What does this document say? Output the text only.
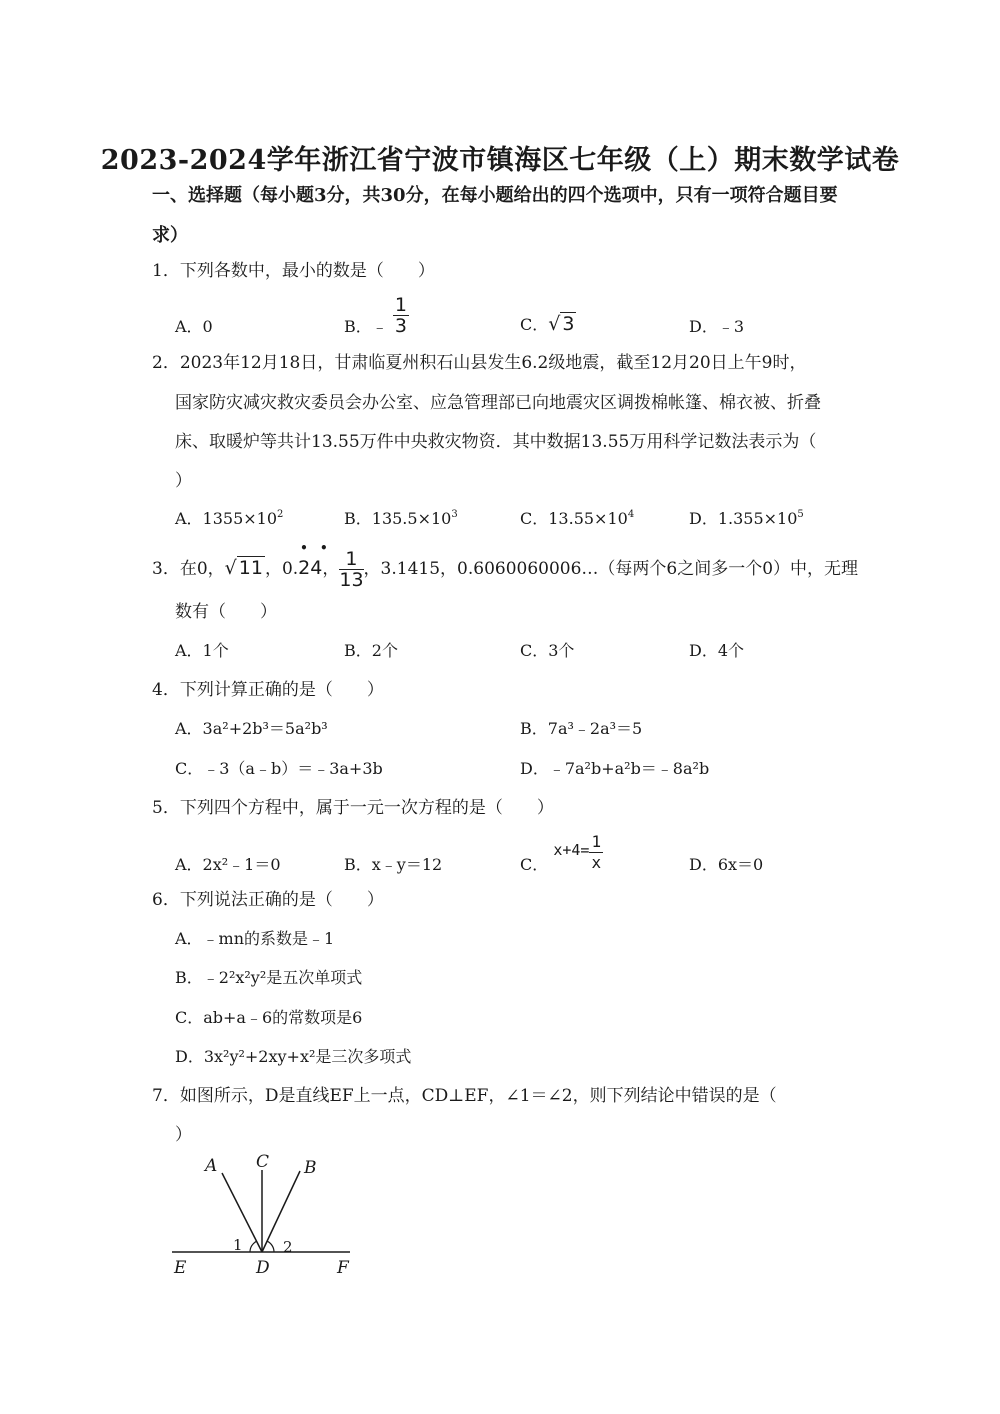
2023-2024学年浙江省宁波市镇海区七年级（上）期末数学试卷
一、选择题（每小题3分，共30分，在每小题给出的四个选项中，只有一项符合题目要
求）
1．下列各数中，最小的数是（　　）
A．0	B．﹣ $\frac{1}{3}$	C．√ 3	D．﹣3
2．2023年12月18日，甘肃临夏州积石山县发生6.2级地震，截至12月20日上午9时，
国家防灾减灾救灾委员会办公室、应急管理部已向地震灾区调拨棉帐篷、棉衣被、折叠
床、取暖炉等共计13.55万件中央救灾物资．其中数据13.55万用科学记数法表示为（
）
A．$1355\times 10^2$	B．$135.5\times 10^3$	C．$13.55\times 10^4$	D．$1.355\times 10^5$
3．在0，√ 11 ，0.
• •
24， $\frac{1}{13}$ ，3.1415，0.6060060006…（每两个6之间多一个0）中，无理
数有（　　）
A．1个	B．2个	C．3个	D．4个
4．下列计算正确的是（　　）
A．3a²+2b³＝5a²b³	B．7a³﹣2a³＝5
C．﹣3（a﹣b）＝﹣3a+3b	D．﹣7a²b+a²b＝﹣8a²b
5．下列四个方程中，属于一元一次方程的是（　　）
A．2x²﹣1＝0	B．x﹣y＝12	C． $x+4= \frac{1}{x}$	D．6x＝0
6．下列说法正确的是（　　）
A．﹣mn的系数是﹣1
B．﹣2²x²y²是五次单项式
C．ab+a﹣6的常数项是6
D．3x²y²+2xy+x²是三次多项式
7．如图所示，D是直线EF上一点，CD⊥EF，∠1＝∠2，则下列结论中错误的是（
）
A C B
1	2
E	D	F
